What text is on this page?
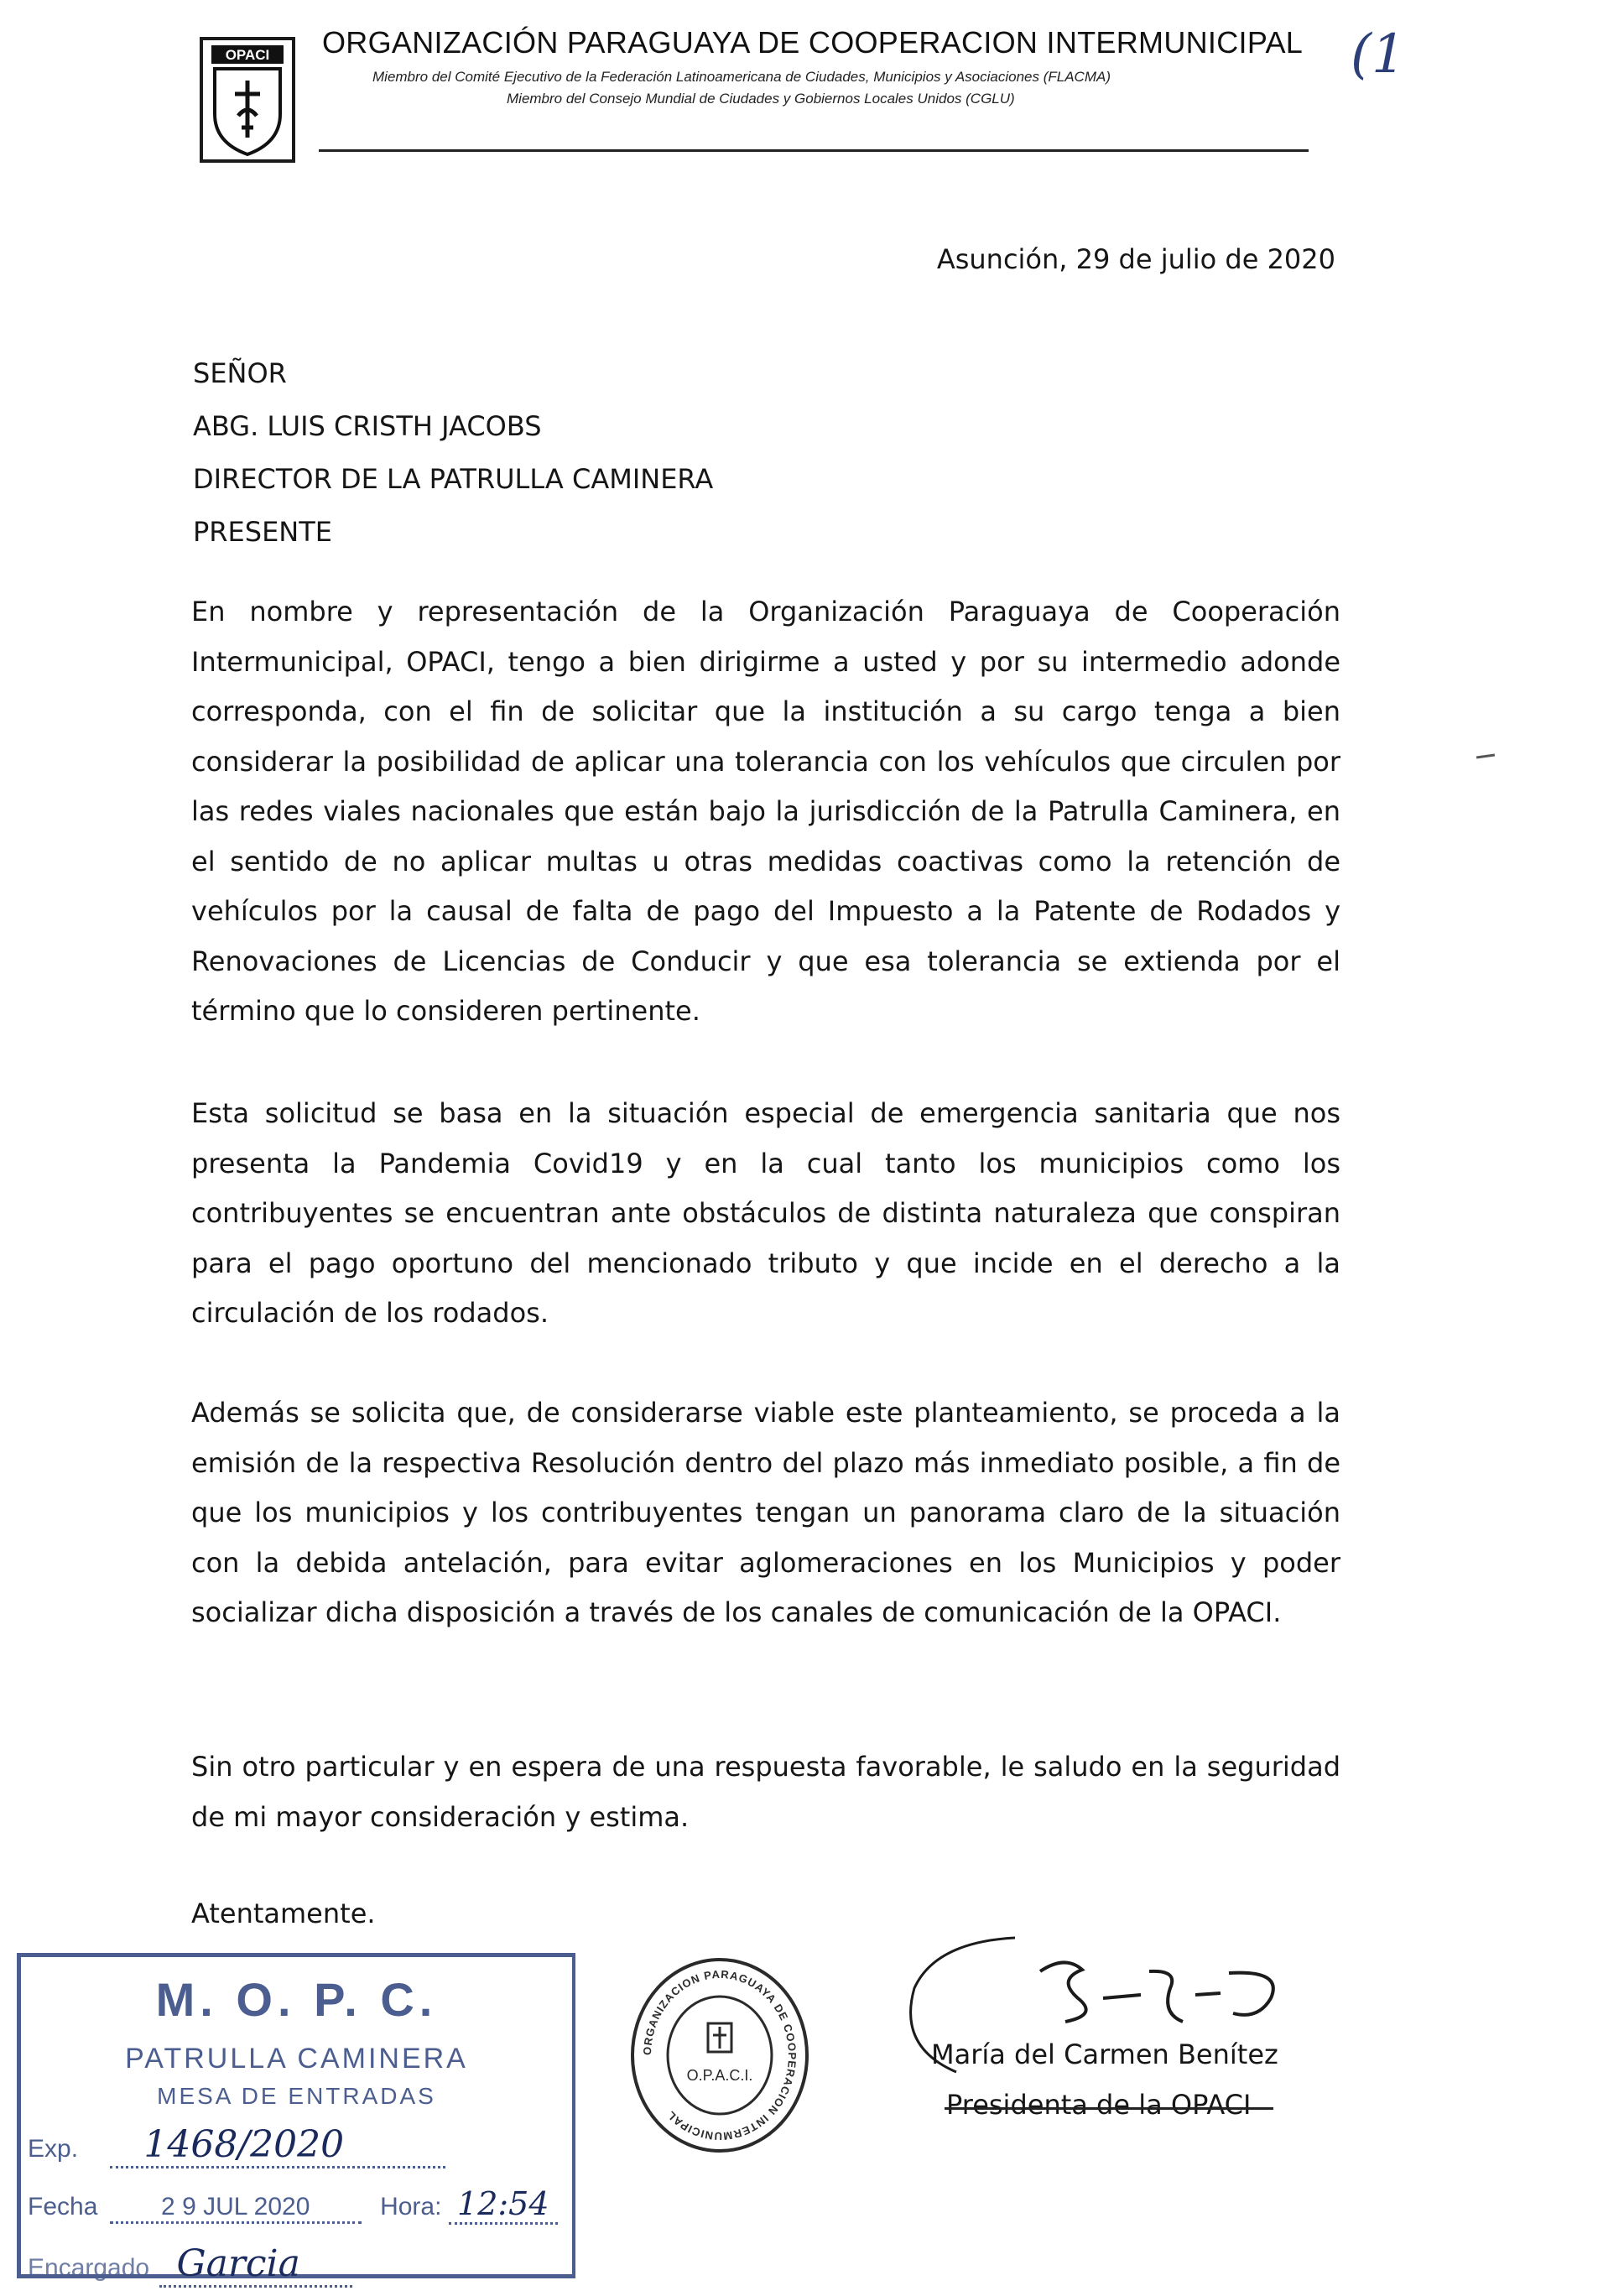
OPACI ORGANIZACIÓN PARAGUAYA DE COOPERACION INTERMUNICIPAL
Miembro del Comité Ejecutivo de la Federación Latinoamericana de Ciudades, Municipios y Asociaciones (FLACMA)
Miembro del Consejo Mundial de Ciudades y Gobiernos Locales Unidos (CGLU)
(1
Asunción, 29 de julio de 2020
SEÑOR
ABG. LUIS CRISTH JACOBS
DIRECTOR DE LA PATRULLA CAMINERA
PRESENTE
En nombre y representación de la Organización Paraguaya de Cooperación Intermunicipal, OPACI, tengo a bien dirigirme a usted y por su intermedio adonde corresponda, con el fin de solicitar que la institución a su cargo tenga a bien considerar la posibilidad de aplicar una tolerancia con los vehículos que circulen por las redes viales nacionales que están bajo la jurisdicción de la Patrulla Caminera, en el sentido de no aplicar multas u otras medidas coactivas como la retención de vehículos por la causal de falta de pago del Impuesto a la Patente de Rodados y Renovaciones de Licencias de Conducir y que esa tolerancia se extienda por el término que lo consideren pertinente.
Esta solicitud se basa en la situación especial de emergencia sanitaria que nos presenta la Pandemia Covid19 y en la cual tanto los municipios como los contribuyentes se encuentran ante obstáculos de distinta naturaleza que conspiran para el pago oportuno del mencionado tributo y que incide en el derecho a la circulación de los rodados.
Además se solicita que, de considerarse viable este planteamiento, se proceda a la emisión de la respectiva Resolución dentro del plazo más inmediato posible, a fin de que los municipios y los contribuyentes tengan un panorama claro de la situación con la debida antelación, para evitar aglomeraciones en los Municipios y poder socializar dicha disposición a través de los canales de comunicación de la OPACI.
Sin otro particular y en espera de una respuesta favorable, le saludo en la seguridad de mi mayor consideración y estima.
Atentamente.
María del Carmen Benítez
Presidenta de la OPACI
ORGANIZACION PARAGUAYA DE COOPERACION INTERMUNICIPAL
O.P.A.C.I.
M. O. P. C.
PATRULLA CAMINERA
MESA DE ENTRADAS
Exp. 1468/2020
Fecha	2 9 JUL 2020	Hora: 12:54
Encargado Garcia
